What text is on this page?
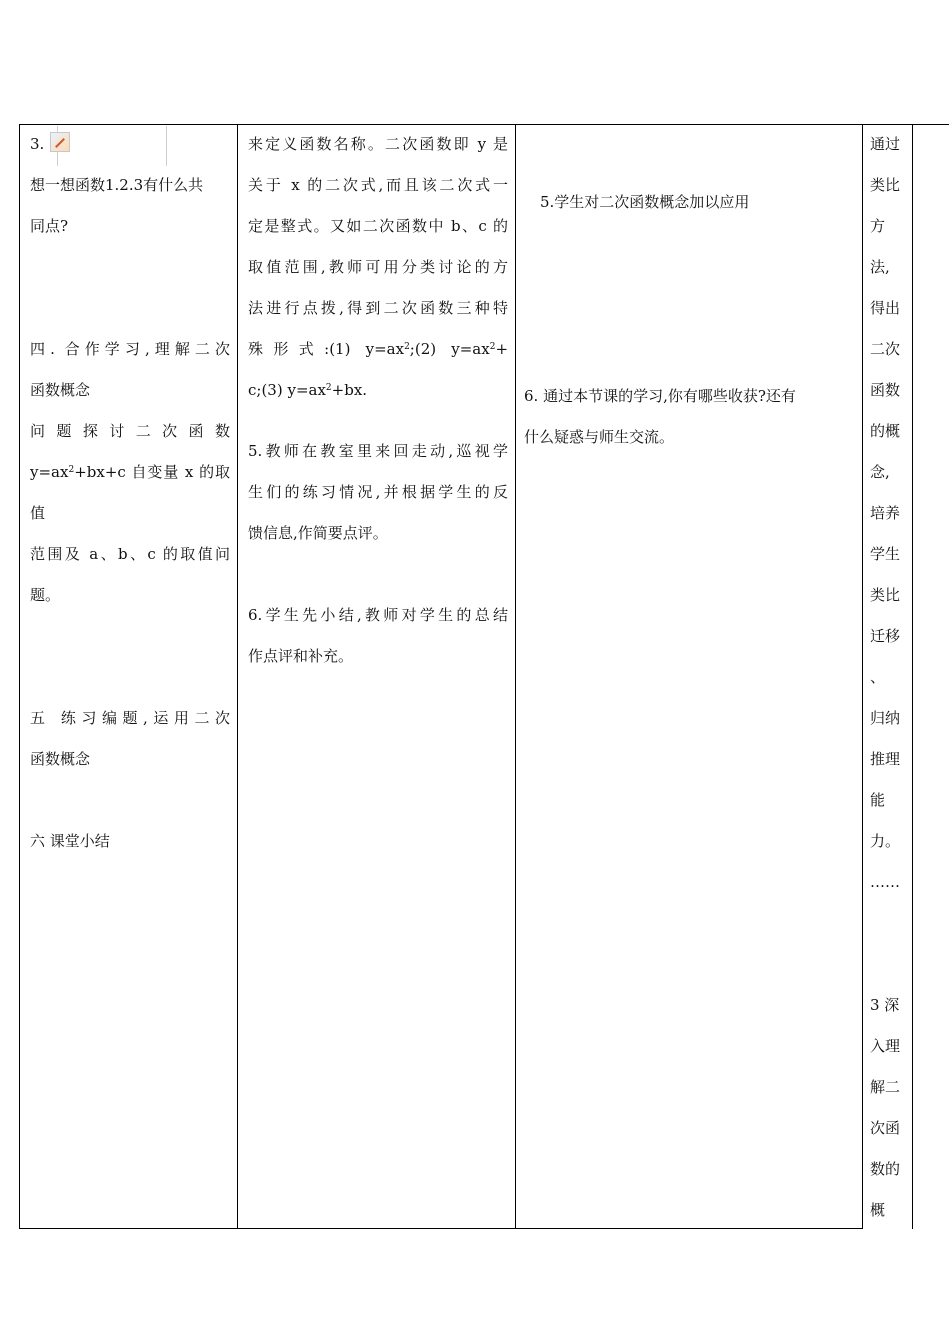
3.

想一想函数1.2.3有什么共

同点?

四. 合作学习,理解二次

函数概念

问 题 探 讨 二 次 函 数

$y=ax^2+bx+c$ 自变量 x 的取值

范围及 a、b、c 的取值问

题。

五 练习编题,运用二次

函数概念

六 课堂小结

来定义函数名称。二次函数即 y 是

关于 x 的二次式,而且该二次式一

定是整式。又如二次函数中 b、c 的

取值范围,教师可用分类讨论的方

法进行点拨,得到二次函数三种特

殊形式:(1) $y=ax^2;(2)$ $y=ax^2+$

c;(3) $y=ax^2+bx$.

5.教师在教室里来回走动,巡视学

生们的练习情况,并根据学生的反

馈信息,作简要点评。

6.学生先小结,教师对学生的总结

作点评和补充。

5.学生对二次函数概念加以应用

6. 通过本节课的学习,你有哪些收获?还有

什么疑惑与师生交流。

通过

类比

方

法,

得出

二次

函数

的概

念,

培养

学生

类比

迁移

、

归纳

推理

能

力。

……

3 深

入理

解二

次函

数的

概
